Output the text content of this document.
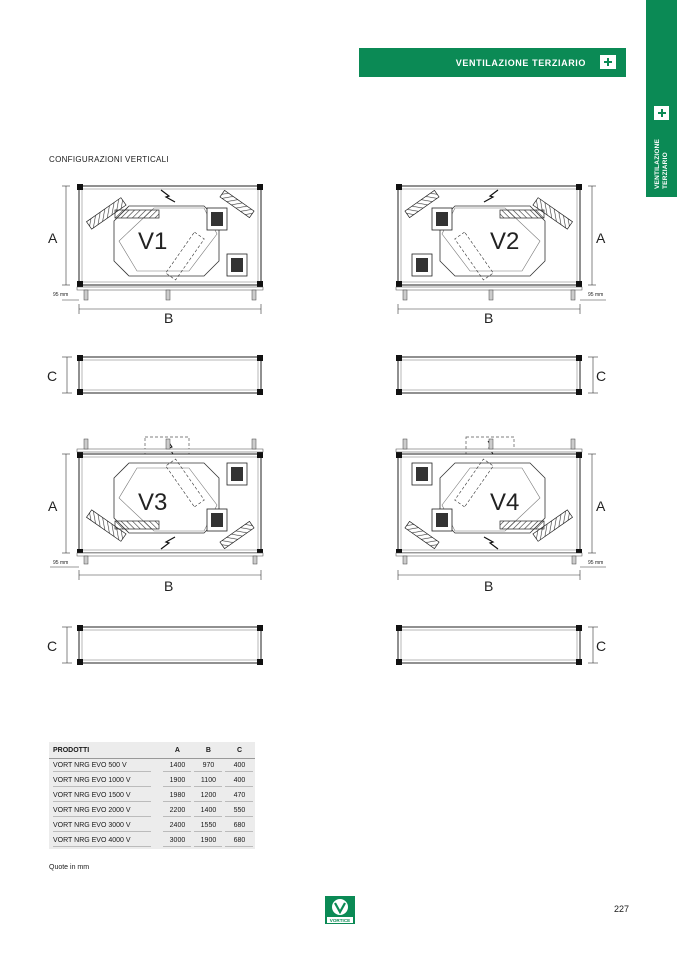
VENTILAZIONE TERZIARIO
VENTILAZIONE TERZIARIO
CONFIGURAZIONI VERTICALI
V1
A
95 mm
B
C
V2	A
95 mm
B
C
V3
A
95 mm
B
C
V4	A
95 mm
B
C
PRODOTTI	A	B	C
VORT NRG EVO 500 V	1400	970	400
VORT NRG EVO 1000 V	1900	1100	400
VORT NRG EVO 1500 V	1980	1200	470
VORT NRG EVO 2000 V	2200	1400	550
VORT NRG EVO 3000 V	2400	1550	680
VORT NRG EVO 4000 V	3000	1900	680
Quote in mm
VORTICE
227
